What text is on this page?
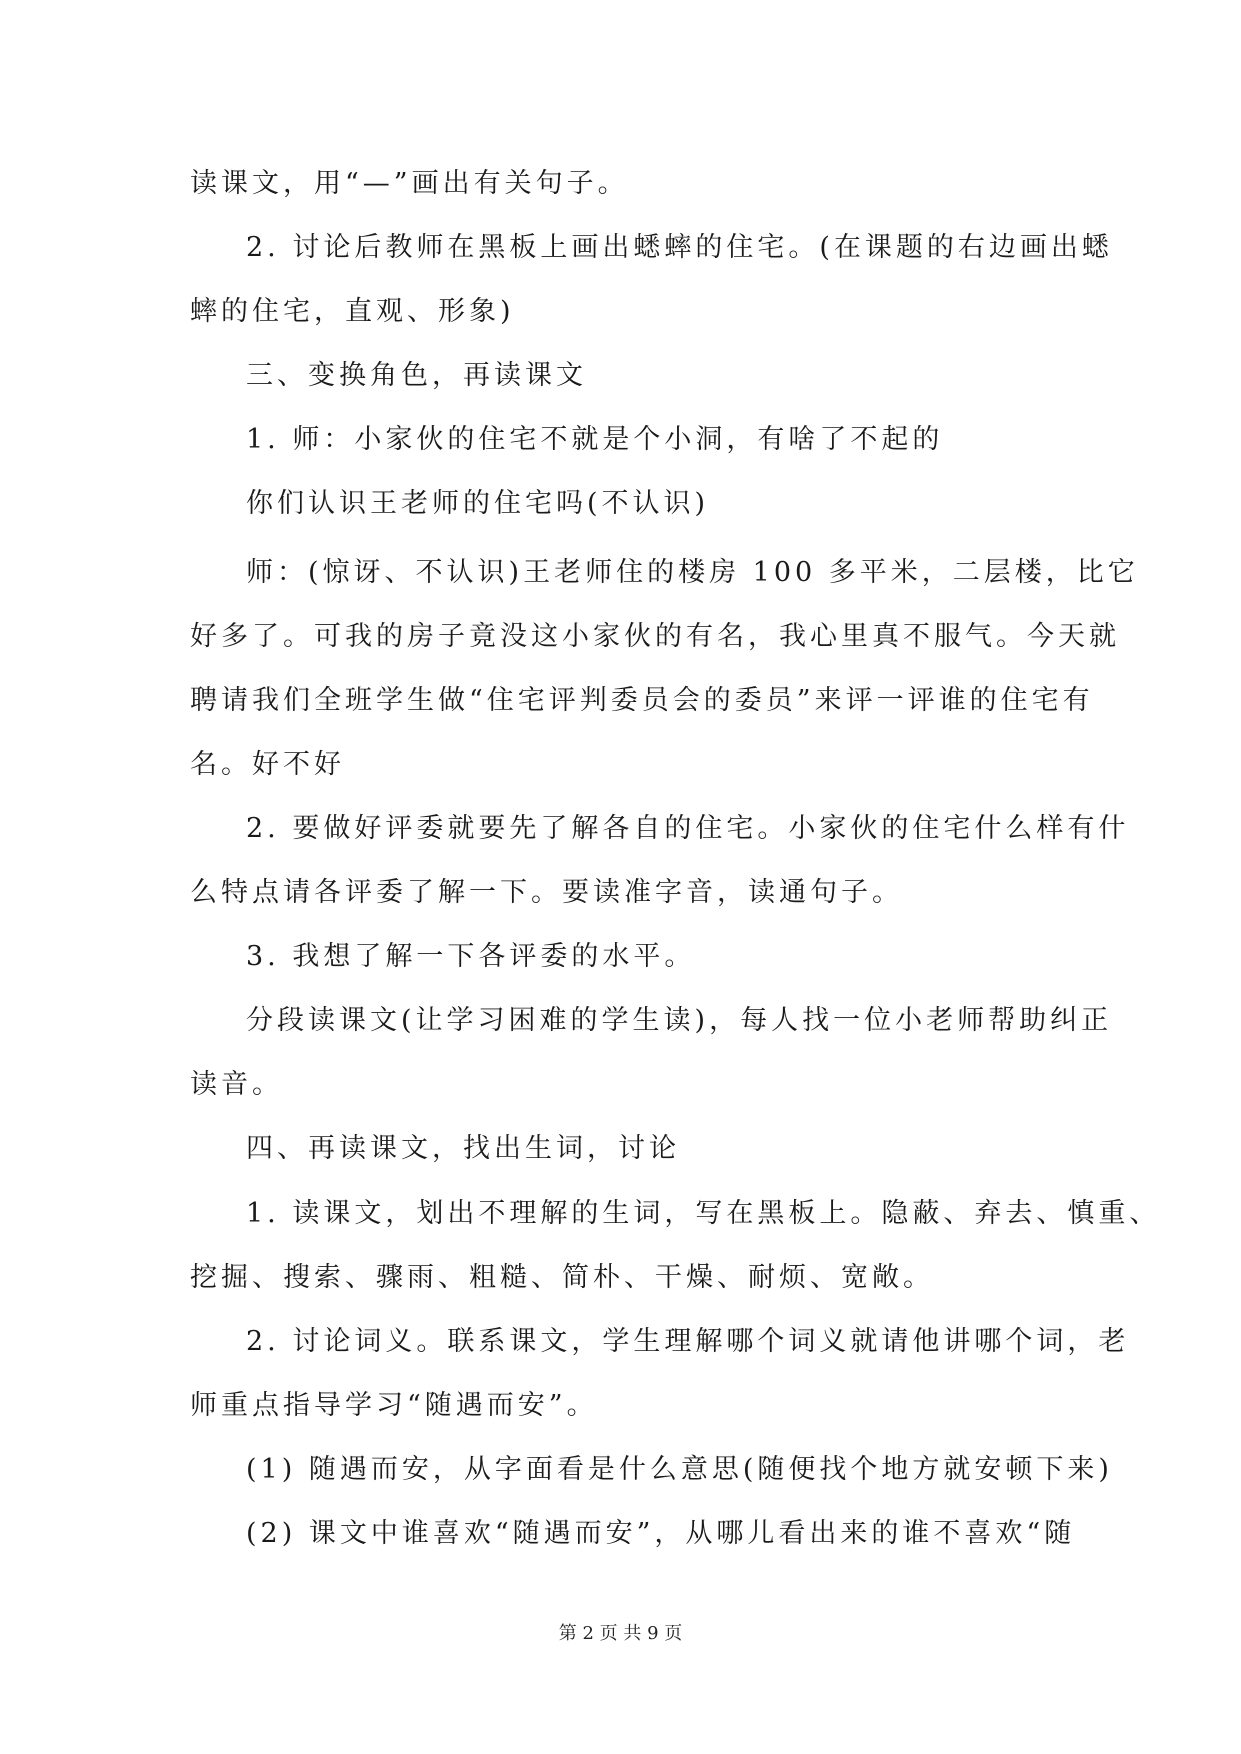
读课文，用“—”画出有关句子。
2. 讨论后教师在黑板上画出蟋蟀的住宅。(在课题的右边画出蟋
蟀的住宅，直观、形象)
三、变换角色，再读课文
1. 师：小家伙的住宅不就是个小洞，有啥了不起的
你们认识王老师的住宅吗(不认识)
师：(惊讶、不认识)王老师住的楼房 100 多平米，二层楼，比它
好多了。可我的房子竟没这小家伙的有名，我心里真不服气。今天就
聘请我们全班学生做“住宅评判委员会的委员”来评一评谁的住宅有
名。好不好
2. 要做好评委就要先了解各自的住宅。小家伙的住宅什么样有什
么特点请各评委了解一下。要读准字音，读通句子。
3. 我想了解一下各评委的水平。
分段读课文(让学习困难的学生读)，每人找一位小老师帮助纠正
读音。
四、再读课文，找出生词，讨论
1. 读课文，划出不理解的生词，写在黑板上。隐蔽、弃去、慎重、
挖掘、搜索、骤雨、粗糙、简朴、干燥、耐烦、宽敞。
2. 讨论词义。联系课文，学生理解哪个词义就请他讲哪个词，老
师重点指导学习“随遇而安”。
(1) 随遇而安，从字面看是什么意思(随便找个地方就安顿下来)
(2) 课文中谁喜欢“随遇而安”，从哪儿看出来的谁不喜欢“随
第 2 页 共 9 页
